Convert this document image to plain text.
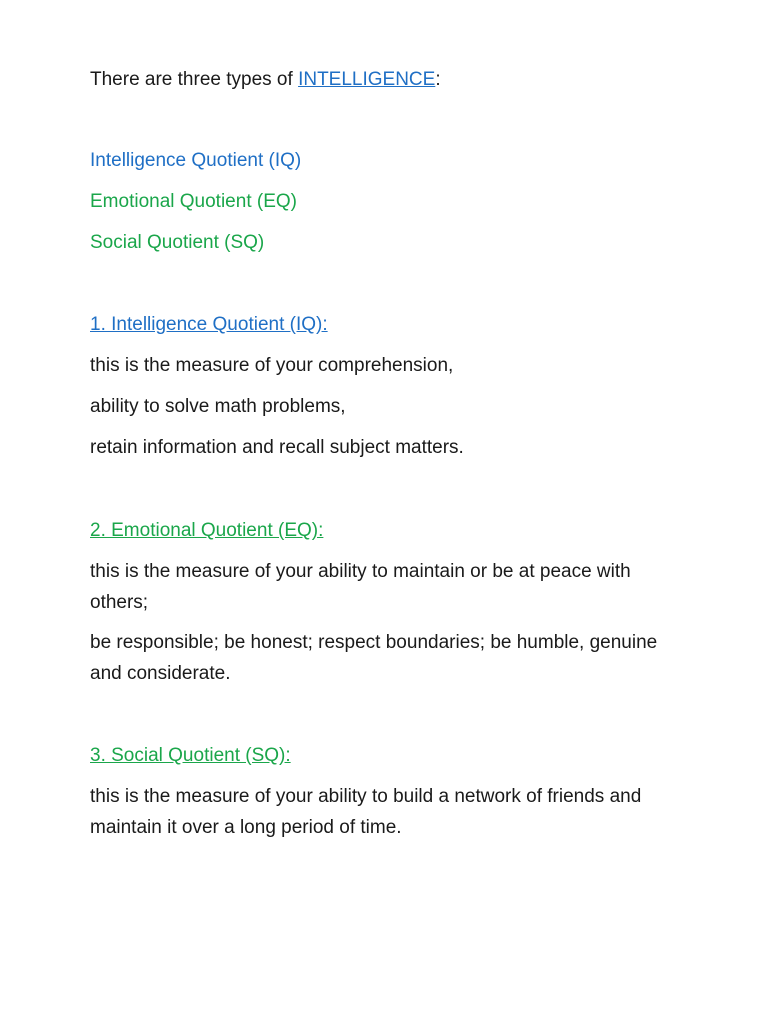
There are three types of INTELLIGENCE:
Intelligence Quotient (IQ)
Emotional Quotient (EQ)
Social Quotient (SQ)
1. Intelligence Quotient (IQ):
this is the measure of your comprehension,
ability to solve math problems,
retain information and recall subject matters.
2. Emotional Quotient (EQ):
this is the measure of your ability to maintain or be at peace with others;
be responsible; be honest; respect boundaries; be humble, genuine and considerate.
3. Social Quotient (SQ):
this is the measure of your ability to build a network of friends and maintain it over a long period of time.
